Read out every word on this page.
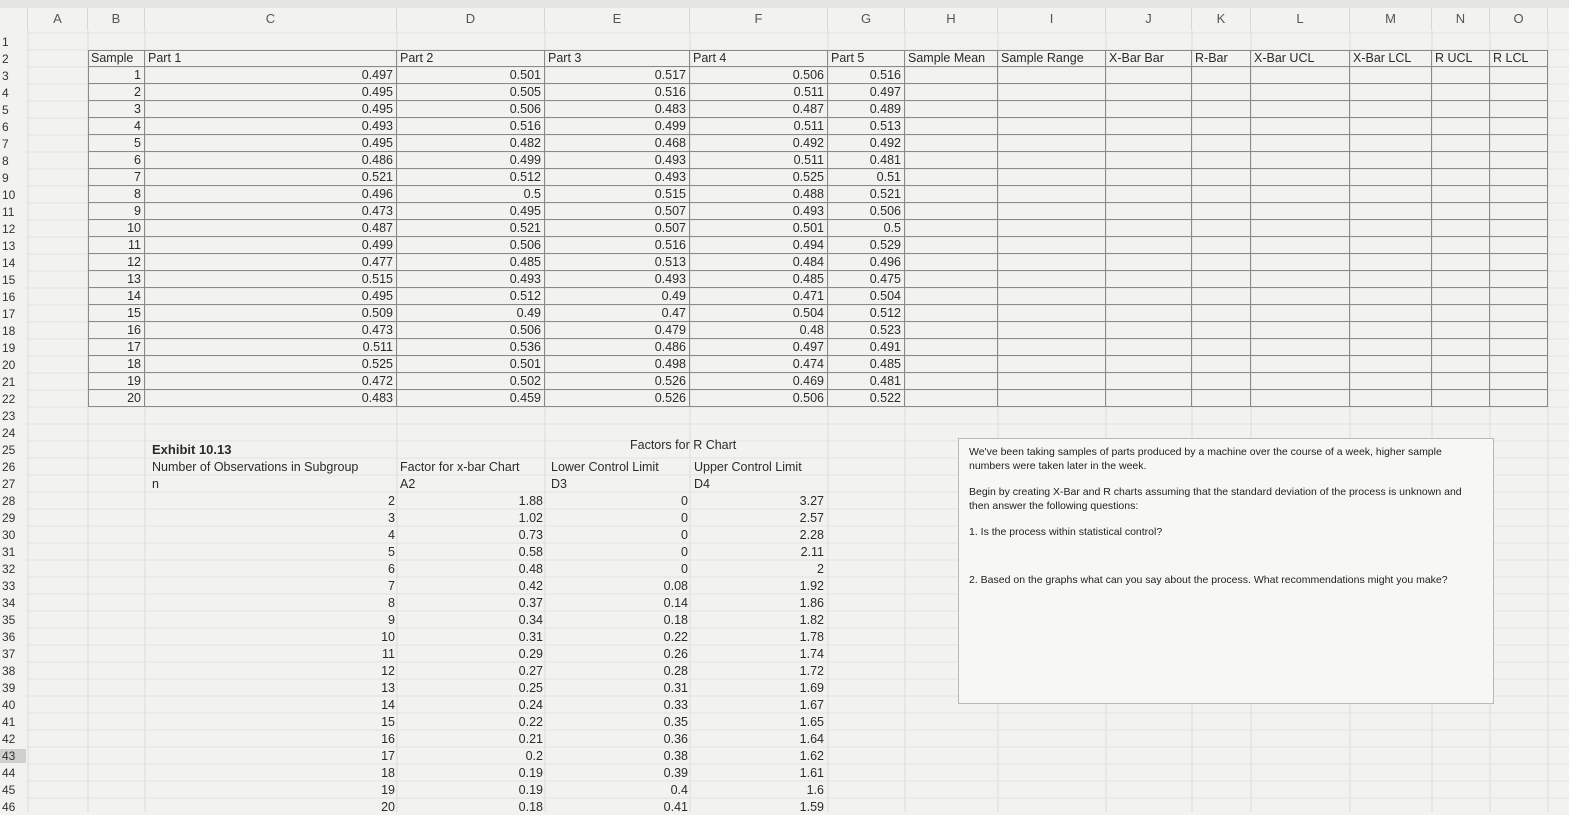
A	B	C	D	E	F	G	H	I	J	K	L	M	N	O
1
2
3
4
5
6
7
8
9
10
11
12
13
14
15
16
17
18
19
20
21
22
23
24
25
26
27
28
29
30
31
32
33
34
35
36
37
38
39
40
41
42
43
44
45
46
Sample	Part 1	Part 2	Part 3	Part 4	Part 5	Sample Mean	Sample Range	X-Bar Bar	R-Bar	X-Bar UCL	X-Bar LCL	R UCL	R LCL
1	0.497	0.501	0.517	0.506	0.516
2	0.495	0.505	0.516	0.511	0.497
3	0.495	0.506	0.483	0.487	0.489
4	0.493	0.516	0.499	0.511	0.513
5	0.495	0.482	0.468	0.492	0.492
6	0.486	0.499	0.493	0.511	0.481
7	0.521	0.512	0.493	0.525	0.51
8	0.496	0.5	0.515	0.488	0.521
9	0.473	0.495	0.507	0.493	0.506
10	0.487	0.521	0.507	0.501	0.5
11	0.499	0.506	0.516	0.494	0.529
12	0.477	0.485	0.513	0.484	0.496
13	0.515	0.493	0.493	0.485	0.475
14	0.495	0.512	0.49	0.471	0.504
15	0.509	0.49	0.47	0.504	0.512
16	0.473	0.506	0.479	0.48	0.523
17	0.511	0.536	0.486	0.497	0.491
18	0.525	0.501	0.498	0.474	0.485
19	0.472	0.502	0.526	0.469	0.481
20	0.483	0.459	0.526	0.506	0.522
Exhibit 10.13	Factors for R Chart
Number of Observations in Subgroup	Factor for x-bar Chart	Lower Control Limit	Upper Control Limit
n	A2	D3	D4
2	1.88	0	3.27
3	1.02	0	2.57
4	0.73	0	2.28
5	0.58	0	2.11
6	0.48	0	2
7	0.42	0.08	1.92
8	0.37	0.14	1.86
9	0.34	0.18	1.82
10	0.31	0.22	1.78
11	0.29	0.26	1.74
12	0.27	0.28	1.72
13	0.25	0.31	1.69
14	0.24	0.33	1.67
15	0.22	0.35	1.65
16	0.21	0.36	1.64
17	0.2	0.38	1.62
18	0.19	0.39	1.61
19	0.19	0.4	1.6
20	0.18	0.41	1.59

We've been taking samples of parts produced by a machine over the course of a week, higher sample numbers were taken later in the week.

Begin by creating X-Bar and R charts assuming that the standard deviation of the process is unknown and then answer the following questions:

1. Is the process within statistical control?

2. Based on the graphs what can you say about the process. What recommendations might you make?
